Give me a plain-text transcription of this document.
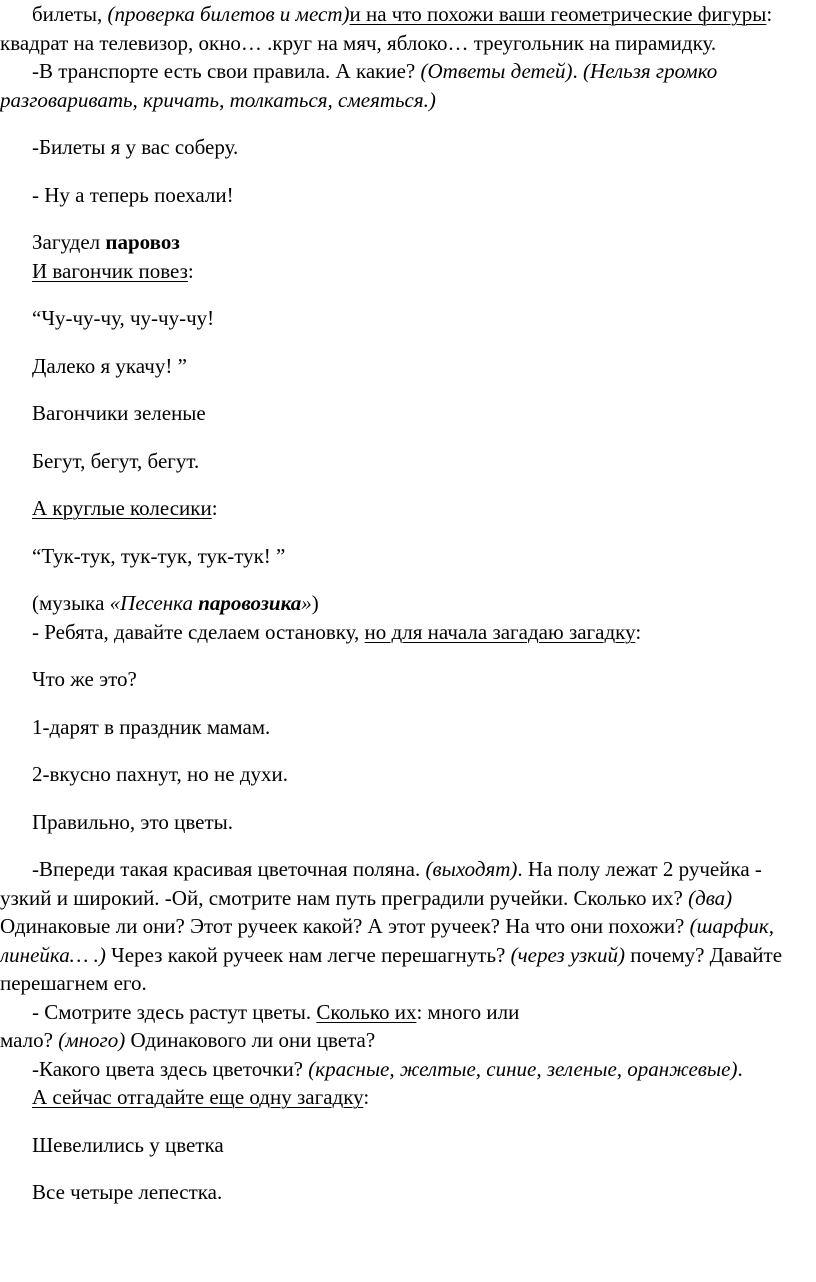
билеты, (проверка билетов и мест)и на что похожи ваши геометрические фигуры: квадрат на телевизор, окно… .круг на мяч, яблоко… треугольник на пирамидку.

-В транспорте есть свои правила. А какие? (Ответы детей). (Нельзя громко разговаривать, кричать, толкаться, смеяться.)

-Билеты я у вас соберу.

- Ну а теперь поехали!

Загудел паровоз

И вагончик повез:

“Чу-чу-чу, чу-чу-чу!

Далеко я укачу! ”

Вагончики зеленые

Бегут, бегут, бегут.

А круглые колесики:

“Тук-тук, тук-тук, тук-тук! ”

(музыка «Песенка паровозика»)

- Ребята, давайте сделаем остановку, но для начала загадаю загадку:

Что же это?

1-дарят в праздник мамам.

2-вкусно пахнут, но не духи.

Правильно, это цветы.

-Впереди такая красивая цветочная поляна. (выходят). На полу лежат 2 ручейка - узкий и широкий. -Ой, смотрите нам путь преградили ручейки. Сколько их? (два) Одинаковые ли они? Этот ручеек какой? А этот ручеек? На что они похожи? (шарфик, линейка… .) Через какой ручеек нам легче перешагнуть? (через узкий) почему? Давайте перешагнем его.

- Смотрите здесь растут цветы. Сколько их: много или

мало? (много) Одинакового ли они цвета?

-Какого цвета здесь цветочки? (красные, желтые, синие, зеленые, оранжевые).

А сейчас отгадайте еще одну загадку:

Шевелились у цветка

Все четыре лепестка.
